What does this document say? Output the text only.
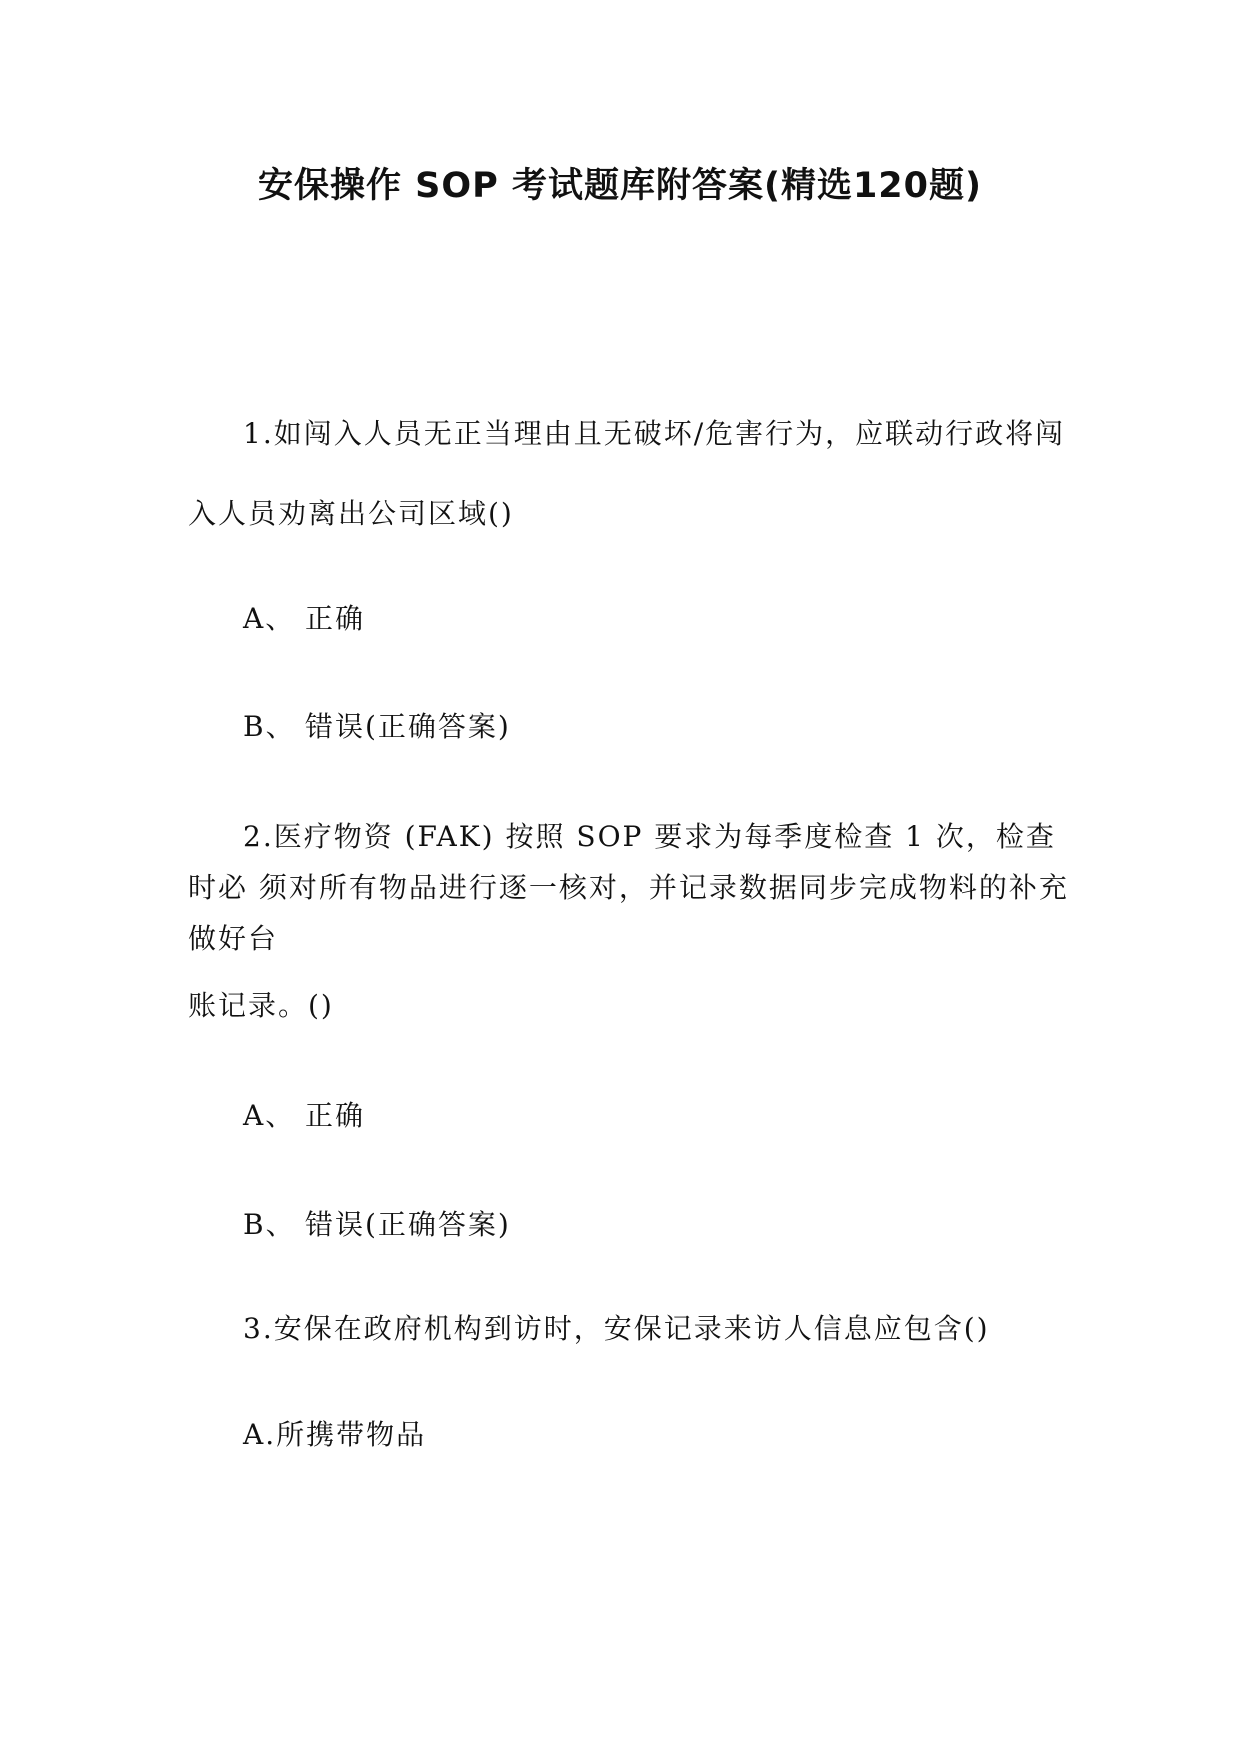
安保操作 SOP 考试题库附答案(精选120题)
1.如闯入人员无正当理由且无破坏/危害行为，应联动行政将闯
入人员劝离出公司区域()
A、 正确
B、 错误(正确答案)
2.医疗物资 (FAK) 按照 SOP 要求为每季度检查 1 次，检查
时必 须对所有物品进行逐一核对，并记录数据同步完成物料的补充
做好台
账记录。()
A、 正确
B、 错误(正确答案)
3.安保在政府机构到访时，安保记录来访人信息应包含()
A.所携带物品
